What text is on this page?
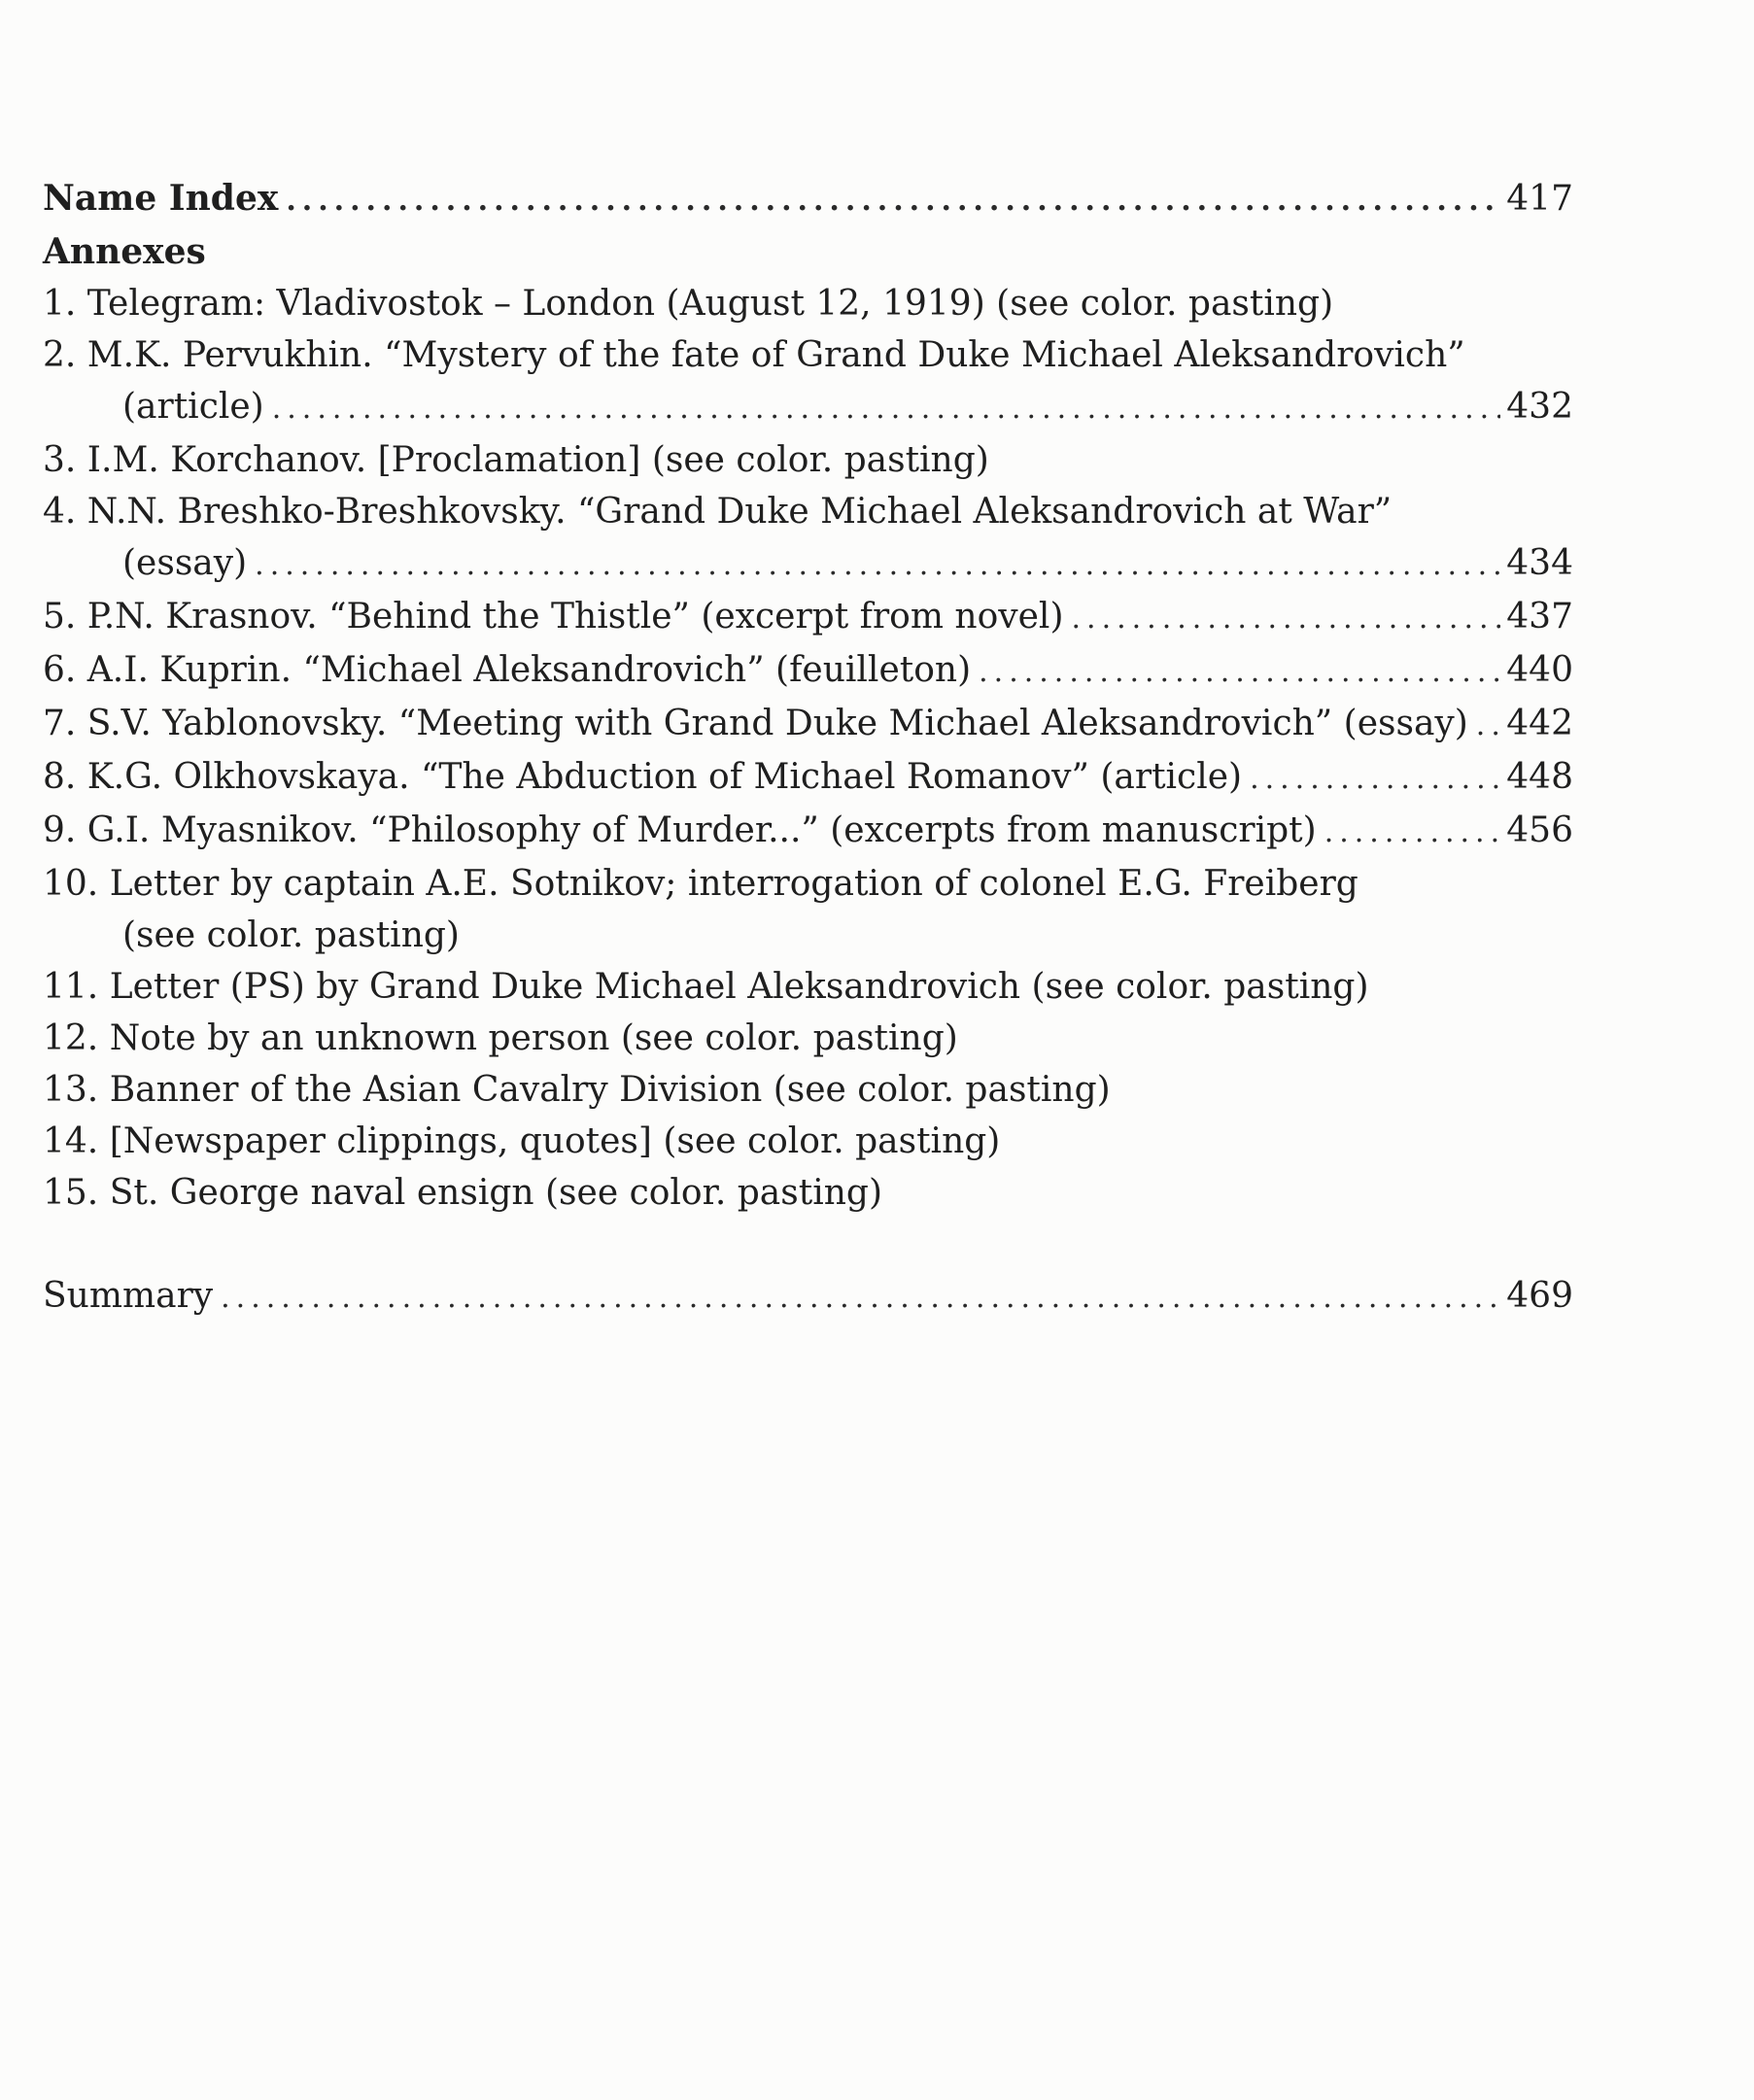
Name Index .....	417
Annexes
1. Telegram: Vladivostok – London (August 12, 1919) (see color. pasting)
2. M.K. Pervukhin. “Mystery of the fate of Grand Duke Michael Aleksandrovich”
(article) .....	432
3. I.M. Korchanov. [Proclamation] (see color. pasting)
4. N.N. Breshko-Breshkovsky. “Grand Duke Michael Aleksandrovich at War”
(essay) .....	434
5. P.N. Krasnov. “Behind the Thistle” (excerpt from novel) .....	437
6. A.I. Kuprin. “Michael Aleksandrovich” (feuilleton) .....	440
7. S.V. Yablonovsky. “Meeting with Grand Duke Michael Aleksandrovich” (essay) ..... 442
8. K.G. Olkhovskaya. “The Abduction of Michael Romanov” (article) .....	448
9. G.I. Myasnikov. “Philosophy of Murder...” (excerpts from manuscript) .....	456
10. Letter by captain A.E. Sotnikov; interrogation of colonel E.G. Freiberg
(see color. pasting)
11. Letter (PS) by Grand Duke Michael Aleksandrovich (see color. pasting)
12. Note by an unknown person (see color. pasting)
13. Banner of the Asian Cavalry Division (see color. pasting)
14. [Newspaper clippings, quotes] (see color. pasting)
15. St. George naval ensign (see color. pasting)
Summary .....	469
